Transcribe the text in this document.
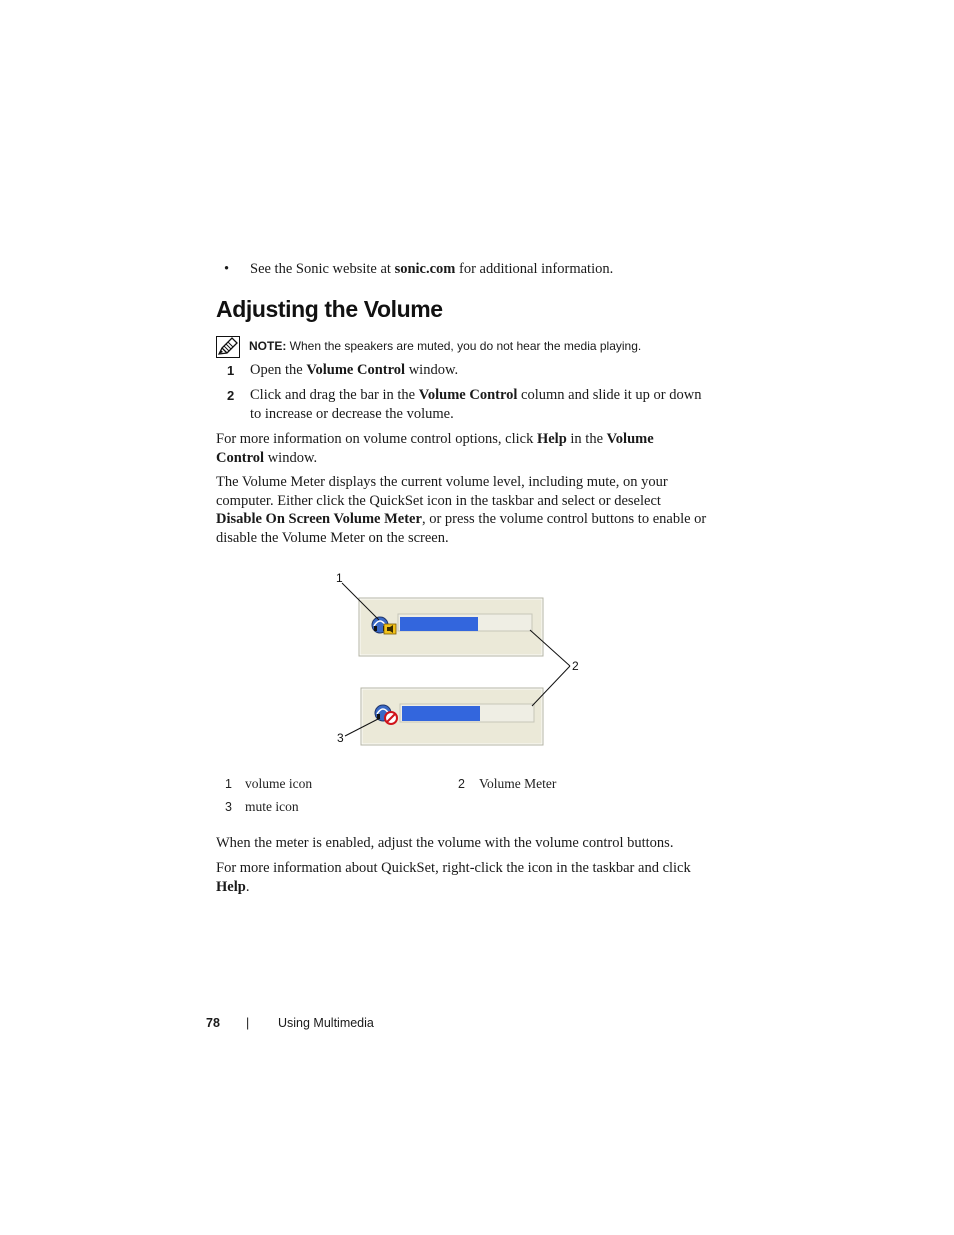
• See the Sonic website at sonic.com for additional information.
Adjusting the Volume
NOTE: When the speakers are muted, you do not hear the media playing.
1	Open the Volume Control window.
2	Click and drag the bar in the Volume Control column and slide it up or down to increase or decrease the volume.
For more information on volume control options, click Help in the Volume Control window.
The Volume Meter displays the current volume level, including mute, on your computer. Either click the QuickSet icon in the taskbar and select or deselect Disable On Screen Volume Meter, or press the volume control buttons to enable or disable the Volume Meter on the screen.
1
2
3
1 volume icon	2 Volume Meter
3 mute icon
When the meter is enabled, adjust the volume with the volume control buttons.
For more information about QuickSet, right-click the icon in the taskbar and click Help.
78 | Using Multimedia
